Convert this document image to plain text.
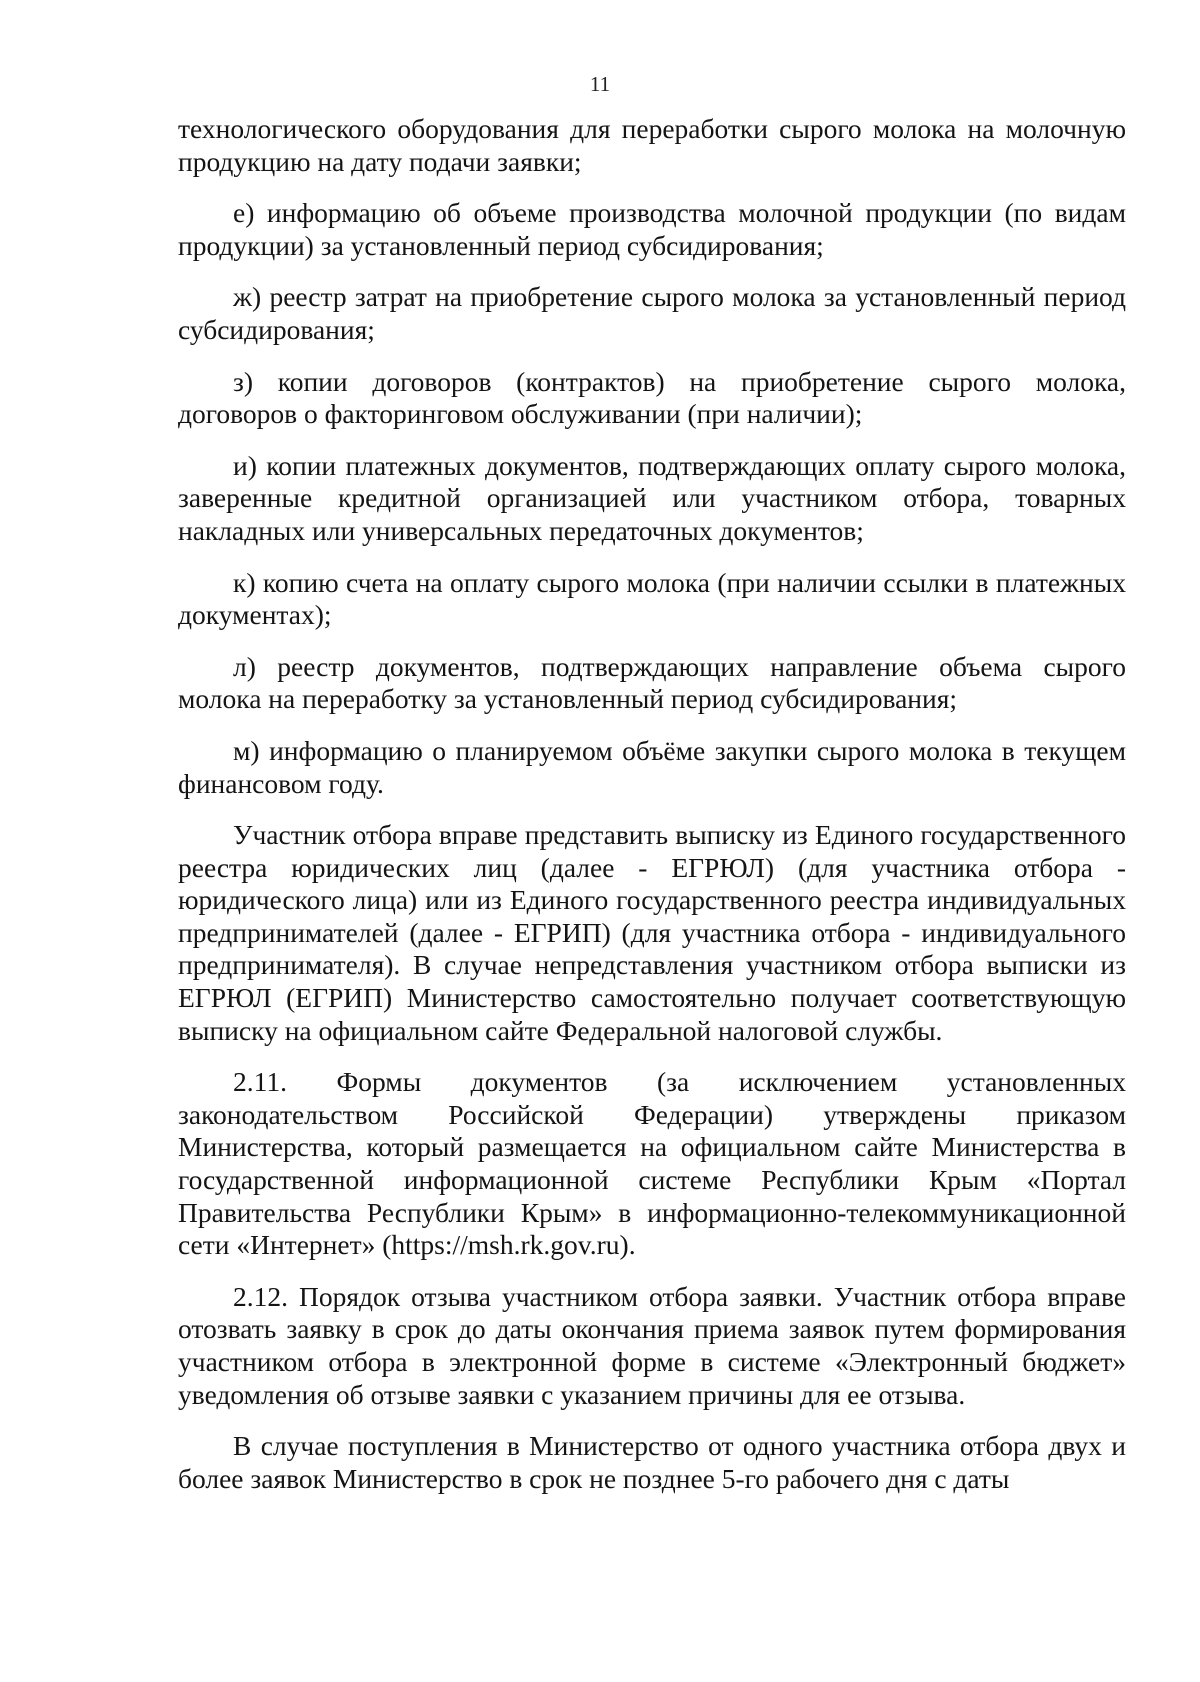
11

технологического оборудования для переработки сырого молока на молочную продукцию на дату подачи заявки;

е) информацию об объеме производства молочной продукции (по видам продукции) за установленный период субсидирования;

ж) реестр затрат на приобретение сырого молока за установленный период субсидирования;

з) копии договоров (контрактов) на приобретение сырого молока, договоров о факторинговом обслуживании (при наличии);

и) копии платежных документов, подтверждающих оплату сырого молока, заверенные кредитной организацией или участником отбора, товарных накладных или универсальных передаточных документов;

к) копию счета на оплату сырого молока (при наличии ссылки в платежных документах);

л) реестр документов, подтверждающих направление объема сырого молока на переработку за установленный период субсидирования;

м) информацию о планируемом объёме закупки сырого молока в текущем финансовом году.

Участник отбора вправе представить выписку из Единого государственного реестра юридических лиц (далее - ЕГРЮЛ) (для участника отбора - юридического лица) или из Единого государственного реестра индивидуальных предпринимателей (далее - ЕГРИП) (для участника отбора - индивидуального предпринимателя). В случае непредставления участником отбора выписки из ЕГРЮЛ (ЕГРИП) Министерство самостоятельно получает соответствующую выписку на официальном сайте Федеральной налоговой службы.

2.11. Формы документов (за исключением установленных законодательством Российской Федерации) утверждены приказом Министерства, который размещается на официальном сайте Министерства в государственной информационной системе Республики Крым «Портал Правительства Республики Крым» в информационно-телекоммуникационной сети «Интернет» (https://msh.rk.gov.ru).

2.12. Порядок отзыва участником отбора заявки. Участник отбора вправе отозвать заявку в срок до даты окончания приема заявок путем формирования участником отбора в электронной форме в системе «Электронный бюджет» уведомления об отзыве заявки с указанием причины для ее отзыва.

В случае поступления в Министерство от одного участника отбора двух и более заявок Министерство в срок не позднее 5-го рабочего дня с даты
